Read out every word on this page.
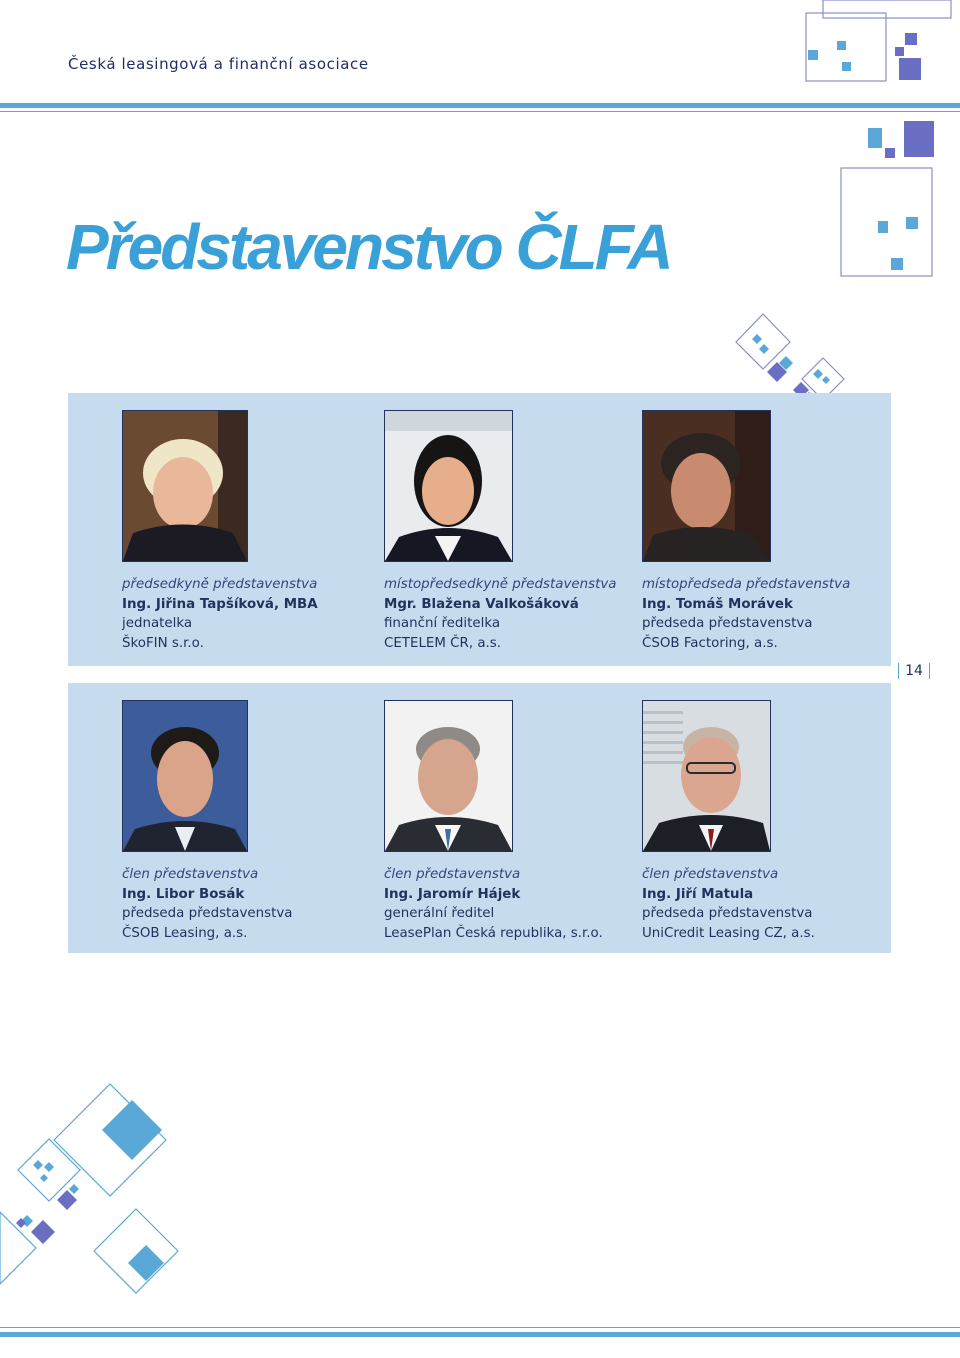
Česká leasingová a finanční asociace
Představenstvo ČLFA
předsedkyně představenstva
Ing. Jiřina Tapšíková, MBA
jednatelka
ŠkoFIN s.r.o.
místopředsedkyně představenstva
Mgr. Blažena Valkošáková
finanční ředitelka
CETELEM ČR, a.s.
místopředseda představenstva
Ing. Tomáš Morávek
předseda představenstva
ČSOB Factoring, a.s.
14
člen představenstva
Ing. Libor Bosák
předseda představenstva
ČSOB Leasing, a.s.
člen představenstva
Ing. Jaromír Hájek
generální ředitel
LeasePlan Česká republika, s.r.o.
člen představenstva
Ing. Jiří Matula
předseda představenstva
UniCredit Leasing CZ, a.s.
